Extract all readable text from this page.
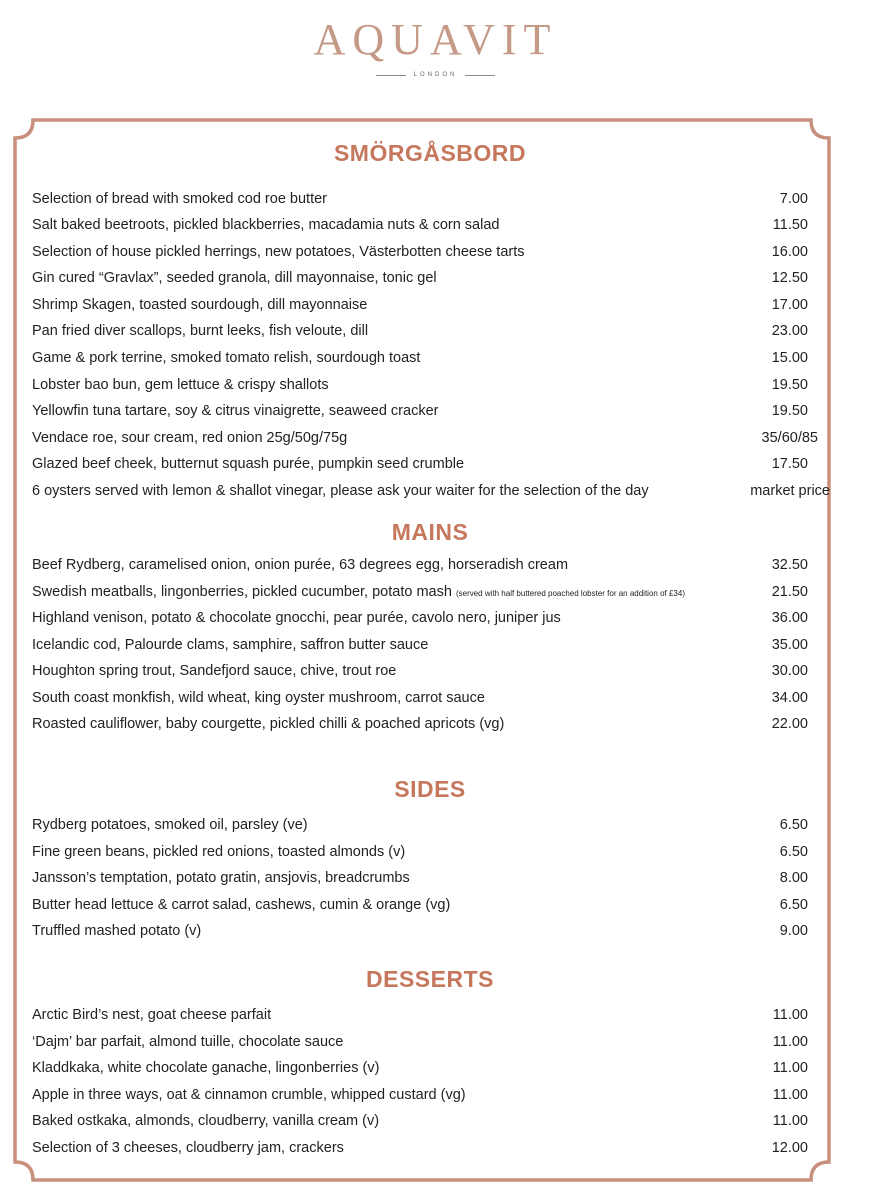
AQUAVIT
LONDON
SMÖRGÅSBORD
Selection of bread with smoked cod roe butter	7.00
Salt baked beetroots, pickled blackberries, macadamia nuts & corn salad	11.50
Selection of house pickled herrings, new potatoes, Västerbotten cheese tarts	16.00
Gin cured “Gravlax”, seeded granola, dill mayonnaise, tonic gel	12.50
Shrimp Skagen, toasted sourdough, dill mayonnaise	17.00
Pan fried diver scallops, burnt leeks, fish veloute, dill	23.00
Game & pork terrine, smoked tomato relish, sourdough toast	15.00
Lobster bao bun, gem lettuce & crispy shallots	19.50
Yellowfin tuna tartare, soy & citrus vinaigrette, seaweed cracker	19.50
Vendace roe, sour cream, red onion 25g/50g/75g	35/60/85
Glazed beef cheek, butternut squash purée, pumpkin seed crumble	17.50
6 oysters served with lemon & shallot vinegar, please ask your waiter for the selection of the day	market price
MAINS
Beef Rydberg, caramelised onion, onion purée, 63 degrees egg, horseradish cream	32.50
Swedish meatballs, lingonberries, pickled cucumber, potato mash (served with half buttered poached lobster for an addition of £34)	21.50
Highland venison, potato & chocolate gnocchi, pear purée, cavolo nero, juniper jus	36.00
Icelandic cod, Palourde clams, samphire, saffron butter sauce	35.00
Houghton spring trout, Sandefjord sauce, chive, trout roe	30.00
South coast monkfish, wild wheat, king oyster mushroom, carrot sauce	34.00
Roasted cauliflower, baby courgette, pickled chilli & poached apricots (vg)	22.00
SIDES
Rydberg potatoes, smoked oil, parsley (ve)	6.50
Fine green beans, pickled red onions, toasted almonds (v)	6.50
Jansson’s temptation, potato gratin, ansjovis, breadcrumbs	8.00
Butter head lettuce & carrot salad, cashews, cumin & orange (vg)	6.50
Truffled mashed potato (v)	9.00
DESSERTS
Arctic Bird’s nest, goat cheese parfait	11.00
‘Dajm’ bar parfait, almond tuille, chocolate sauce	11.00
Kladdkaka, white chocolate ganache, lingonberries (v)	11.00
Apple in three ways, oat & cinnamon crumble, whipped custard (vg)	11.00
Baked ostkaka, almonds, cloudberry, vanilla cream (v)	11.00
Selection of 3 cheeses, cloudberry jam, crackers	12.00
